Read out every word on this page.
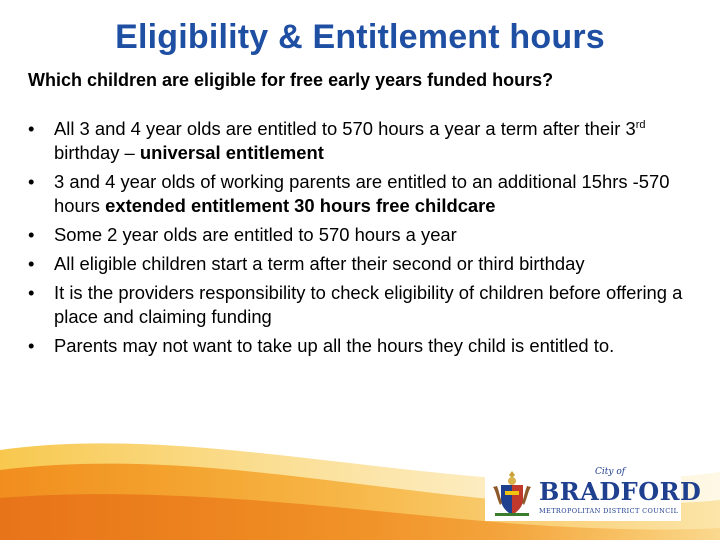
Eligibility & Entitlement hours
Which children are eligible for free early years funded hours?
• All 3 and 4 year olds are entitled to 570 hours a year a term after their 3rd birthday – universal entitlement
• 3 and 4 year olds of working parents are entitled to an additional 15hrs -570 hours extended entitlement 30 hours free childcare
• Some 2 year olds are entitled to 570 hours a year
• All eligible children start a term after their second or third birthday
• It is the providers responsibility to check eligibility of children before offering a place and claiming funding
• Parents may not want to take up all the hours they child is entitled to.
City of
BRADFORD
METROPOLITAN DISTRICT COUNCIL
